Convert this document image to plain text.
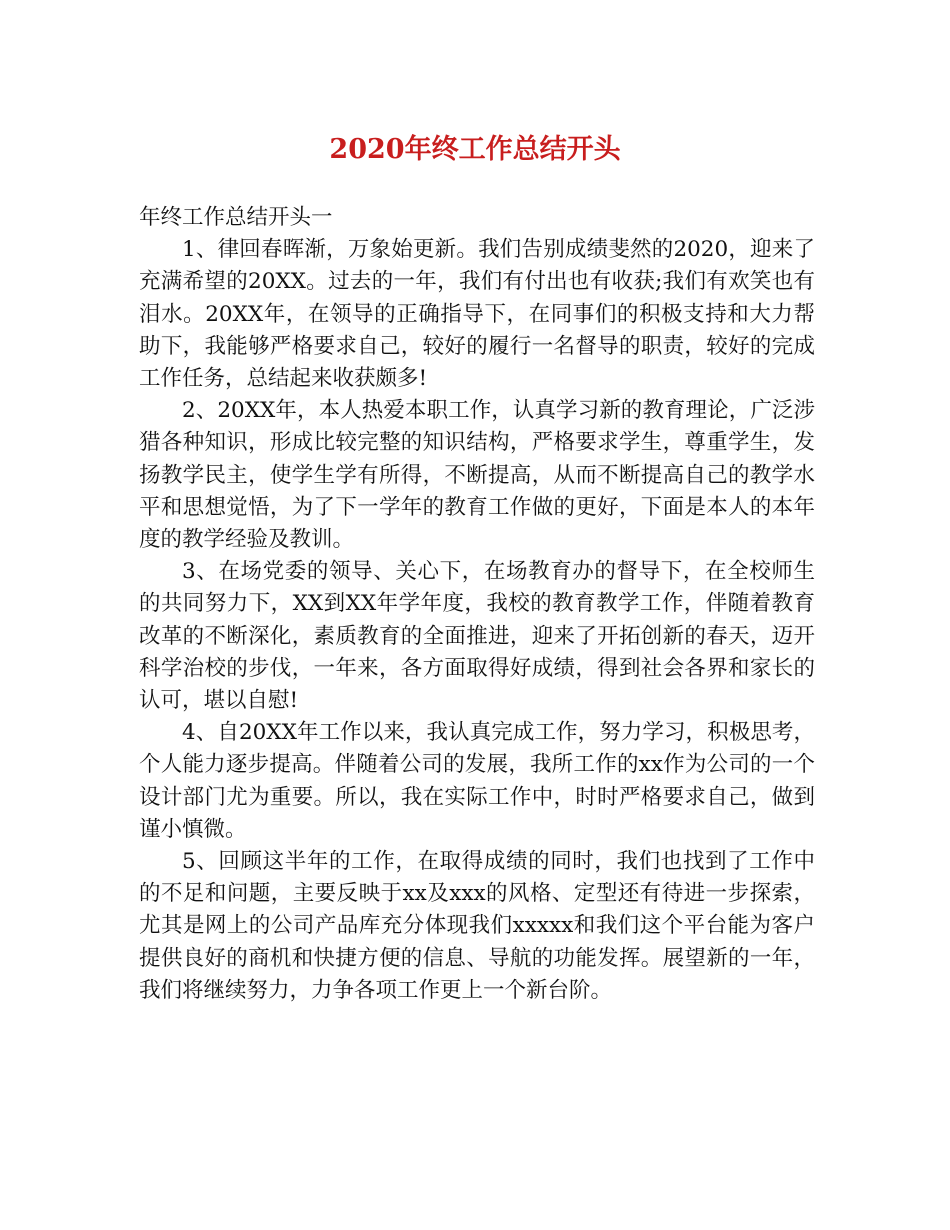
2020年终工作总结开头

年终工作总结开头一

1、律回春晖渐，万象始更新。我们告别成绩斐然的2020，迎来了充满希望的20XX。过去的一年，我们有付出也有收获;我们有欢笑也有泪水。20XX年，在领导的正确指导下，在同事们的积极支持和大力帮助下，我能够严格要求自己，较好的履行一名督导的职责，较好的完成工作任务，总结起来收获颇多!

2、20XX年，本人热爱本职工作，认真学习新的教育理论，广泛涉猎各种知识，形成比较完整的知识结构，严格要求学生，尊重学生，发扬教学民主，使学生学有所得，不断提高，从而不断提高自己的教学水平和思想觉悟，为了下一学年的教育工作做的更好，下面是本人的本年度的教学经验及教训。

3、在场党委的领导、关心下，在场教育办的督导下，在全校师生的共同努力下，XX到XX年学年度，我校的教育教学工作，伴随着教育改革的不断深化，素质教育的全面推进，迎来了开拓创新的春天，迈开科学治校的步伐，一年来，各方面取得好成绩，得到社会各界和家长的认可，堪以自慰!

4、自20XX年工作以来，我认真完成工作，努力学习，积极思考，个人能力逐步提高。伴随着公司的发展，我所工作的xx作为公司的一个设计部门尤为重要。所以，我在实际工作中，时时严格要求自己，做到谨小慎微。

5、回顾这半年的工作，在取得成绩的同时，我们也找到了工作中的不足和问题，主要反映于xx及xxx的风格、定型还有待进一步探索，尤其是网上的公司产品库充分体现我们xxxxx和我们这个平台能为客户提供良好的商机和快捷方便的信息、导航的功能发挥。展望新的一年，我们将继续努力，力争各项工作更上一个新台阶。
